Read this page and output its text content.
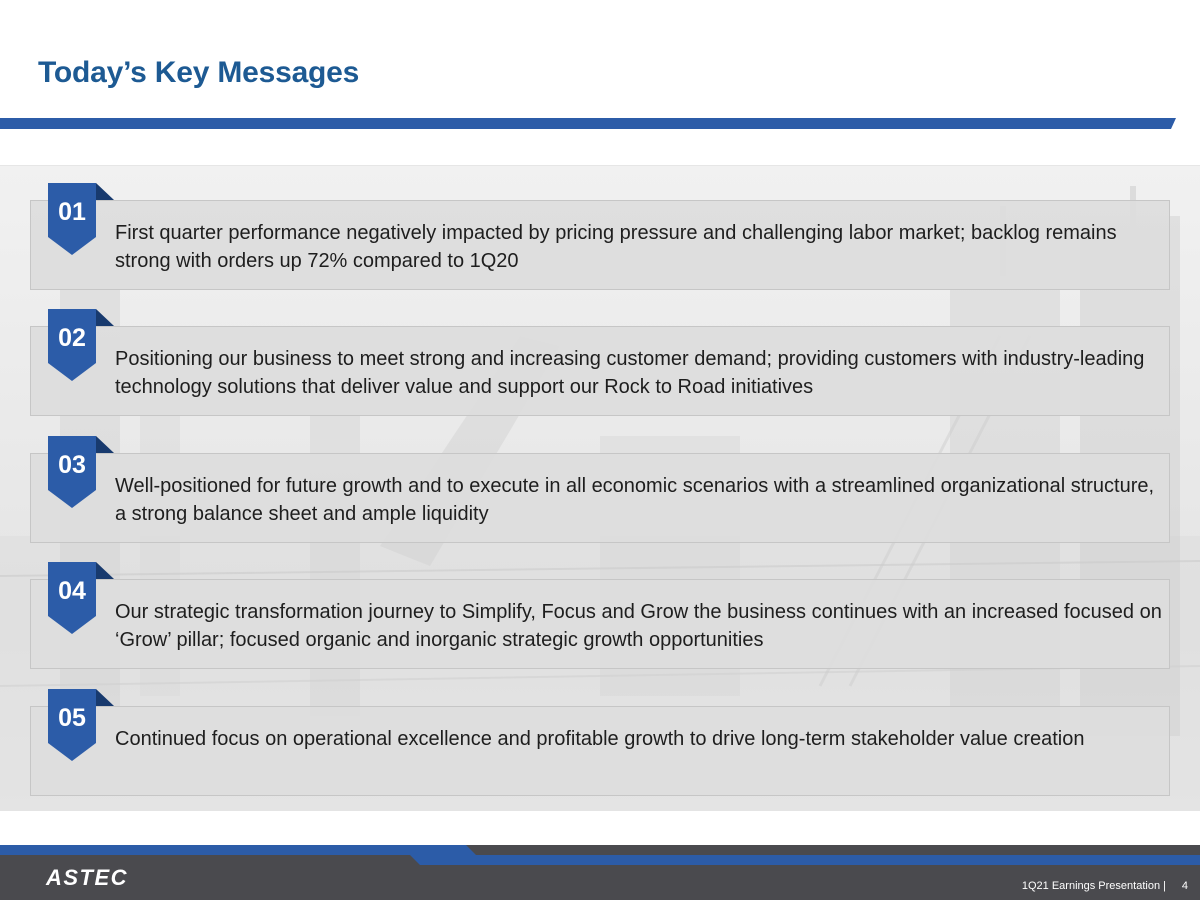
Today’s Key Messages

First quarter performance negatively impacted by pricing pressure and challenging labor market; backlog remains strong with orders up 72% compared to 1Q20

01

Positioning our business to meet strong and increasing customer demand; providing customers with industry-leading technology solutions that deliver value and support our Rock to Road initiatives

02

Well-positioned for future growth and to execute in all economic scenarios with a streamlined organizational structure, a strong balance sheet and ample liquidity

03

Our strategic transformation journey to Simplify, Focus and Grow the business continues with an increased focused on ‘Grow’ pillar; focused organic and inorganic strategic growth opportunities

04

Continued focus on operational excellence and profitable growth to drive long-term stakeholder value creation

05
ASTEC	1Q21 Earnings Presentation | 4
